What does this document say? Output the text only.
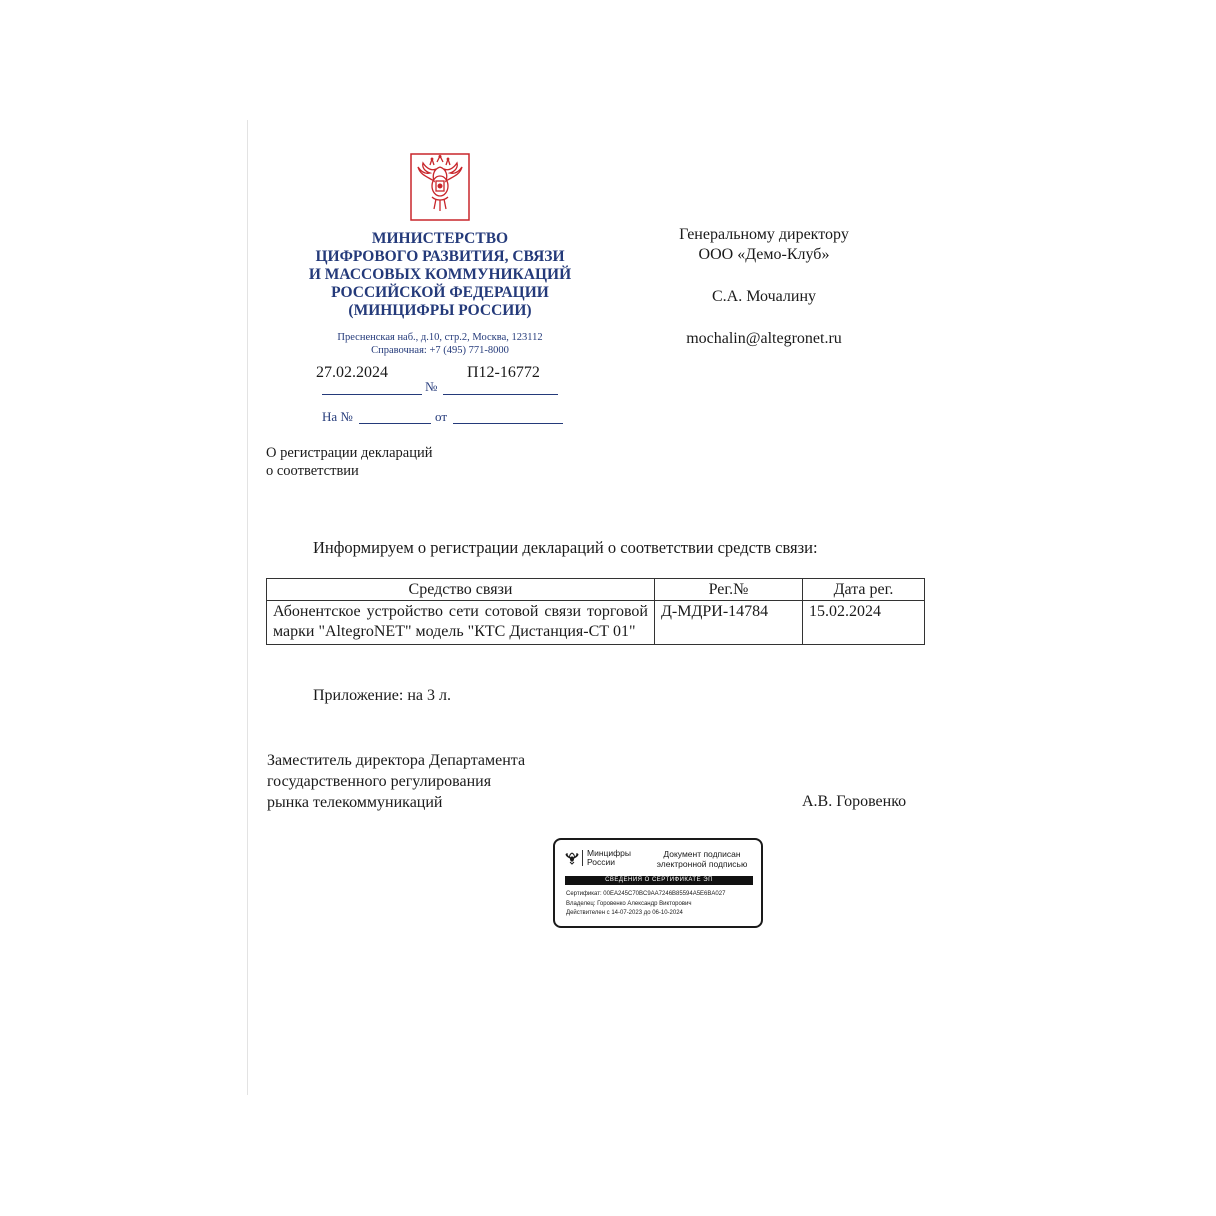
МИНИСТЕРСТВО
ЦИФРОВОГО РАЗВИТИЯ, СВЯЗИ
И МАССОВЫХ КОММУНИКАЦИЙ
РОССИЙСКОЙ ФЕДЕРАЦИИ
(МИНЦИФРЫ РОССИИ)
Пресненская наб., д.10, стр.2, Москва, 123112
Справочная: +7 (495) 771-8000
27.02.2024
№
П12-16772
На №	от
О регистрации деклараций
о соответствии
Генеральному директору
ООО «Демо-Клуб»
С.А. Мочалину
mochalin@altegronet.ru
Информируем о регистрации деклараций о соответствии средств связи:
Средство связи	Рег.№	Дата рег.
Абонентское устройство сети сотовой связи торговой марки "AltegroNET" модель "КТС Дистанция-СТ 01"	Д-МДРИ-14784	15.02.2024
Приложение: на 3 л.
Заместитель директора Департамента
государственного регулирования
рынка телекоммуникаций	А.В. Горовенко
Минцифры
России
Документ подписан
электронной подписью
СВЕДЕНИЯ О СЕРТИФИКАТЕ ЭП
Сертификат: 00EA245C70BC9AA7246B85594A5E6BA027
Владелец: Горовенко Александр Викторович
Действителен с 14-07-2023 до 06-10-2024
